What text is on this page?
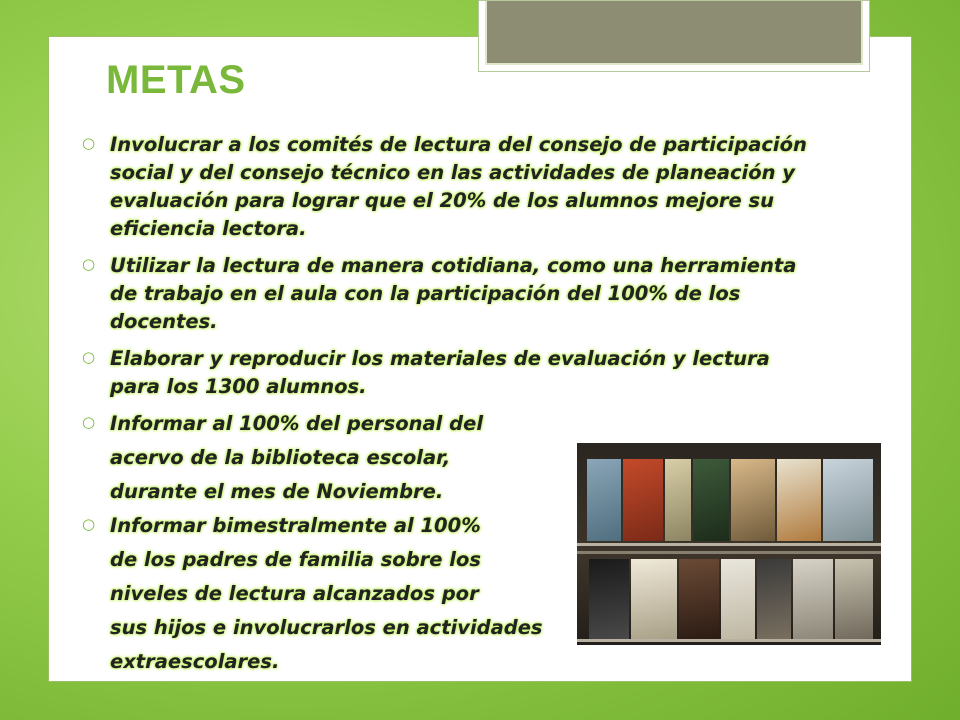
METAS
○ Involucrar a los comités de lectura del consejo de participación
social y del consejo técnico en las actividades de planeación y
evaluación para lograr que el 20% de los alumnos mejore su
eficiencia lectora.
○ Utilizar la lectura de manera cotidiana, como una herramienta
de trabajo en el aula con la participación del 100% de los
docentes.
○ Elaborar y reproducir los materiales de evaluación y lectura
para los 1300 alumnos.
○ Informar al 100% del personal del
acervo de la biblioteca escolar,
durante el mes de Noviembre.
○ Informar bimestralmente al 100%
de los padres de familia sobre los
niveles de lectura alcanzados por
sus hijos e involucrarlos en actividades
extraescolares.
